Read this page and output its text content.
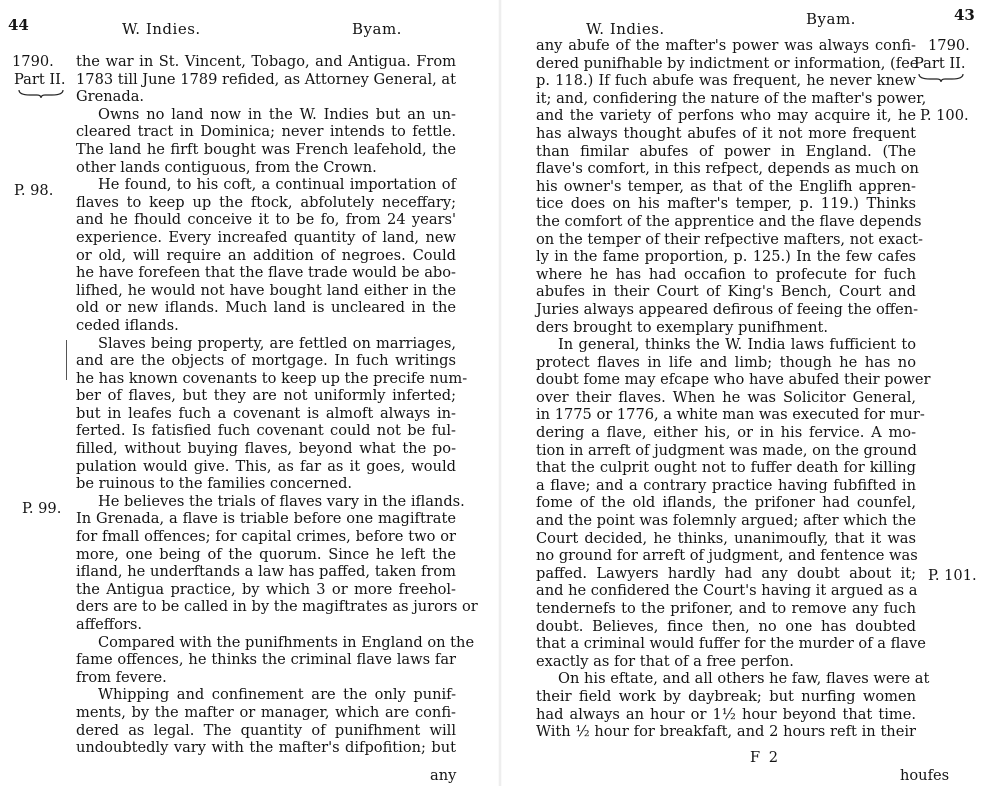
44	W. Indies.	Byam.
1790.
Part II.
P. 98.
P. 99.
the war in St. Vincent, Tobago, and Antigua. From
1783 till June 1789 refided, as Attorney General, at
Grenada.
Owns no land now in the W. Indies but an un-
cleared tract in Dominica; never intends to fettle.
The land he firft bought was French leafehold, the
other lands contiguous, from the Crown.
He found, to his coft, a continual importation of
flaves to keep up the ftock, abfolutely neceffary;
and he fhould conceive it to be fo, from 24 years'
experience. Every increafed quantity of land, new
or old, will require an addition of negroes. Could
he have forefeen that the flave trade would be abo-
lifhed, he would not have bought land either in the
old or new iflands. Much land is uncleared in the
ceded iflands.
Slaves being property, are fettled on marriages,
and are the objects of mortgage. In fuch writings
he has known covenants to keep up the precife num-
ber of flaves, but they are not uniformly inferted;
but in leafes fuch a covenant is almoft always in-
ferted. Is fatisfied fuch covenant could not be ful-
filled, without buying flaves, beyond what the po-
pulation would give. This, as far as it goes, would
be ruinous to the families concerned.
He believes the trials of flaves vary in the iflands.
In Grenada, a flave is triable before one magiftrate
for fmall offences; for capital crimes, before two or
more, one being of the quorum. Since he left the
ifland, he underftands a law has paffed, taken from
the Antigua practice, by which 3 or more freehol-
ders are to be called in by the magiftrates as jurors or
affeffors.
Compared with the punifhments in England on the
fame offences, he thinks the criminal flave laws far
from fevere.
Whipping and confinement are the only punif-
ments, by the mafter or manager, which are confi-
dered as legal. The quantity of punifhment will
undoubtedly vary with the mafter's difpofition; but
any
W. Indies.
Byam.	43
1790.
Part II.
P. 100.
P. 101.
any abufe of the mafter's power was always confi-
dered punifhable by indictment or information, (fee
p. 118.) If fuch abufe was frequent, he never knew
it; and, confidering the nature of the mafter's power,
and the variety of perfons who may acquire it, he
has always thought abufes of it not more frequent
than fimilar abufes of power in England. (The
flave's comfort, in this refpect, depends as much on
his owner's temper, as that of the Englifh appren-
tice does on his mafter's temper, p. 119.) Thinks
the comfort of the apprentice and the flave depends
on the temper of their refpective mafters, not exact-
ly in the fame proportion, p. 125.) In the few cafes
where he has had occafion to profecute for fuch
abufes in their Court of King's Bench, Court and
Juries always appeared defirous of feeing the offen-
ders brought to exemplary punifhment.
In general, thinks the W. India laws fufficient to
protect flaves in life and limb; though he has no
doubt fome may efcape who have abufed their power
over their flaves. When he was Solicitor General,
in 1775 or 1776, a white man was executed for mur-
dering a flave, either his, or in his fervice. A mo-
tion in arreft of judgment was made, on the ground
that the culprit ought not to fuffer death for killing
a flave; and a contrary practice having fubfifted in
fome of the old iflands, the prifoner had counfel,
and the point was folemnly argued; after which the
Court decided, he thinks, unanimoufly, that it was
no ground for arreft of judgment, and fentence was
paffed. Lawyers hardly had any doubt about it;
and he confidered the Court's having it argued as a
tendernefs to the prifoner, and to remove any fuch
doubt. Believes, fince then, no one has doubted
that a criminal would fuffer for the murder of a flave
exactly as for that of a free perfon.
On his eftate, and all others he faw, flaves were at
their field work by daybreak; but nurfing women
had always an hour or 1½ hour beyond that time.
With ½ hour for breakfaft, and 2 hours reft in their
F 2
houfes
